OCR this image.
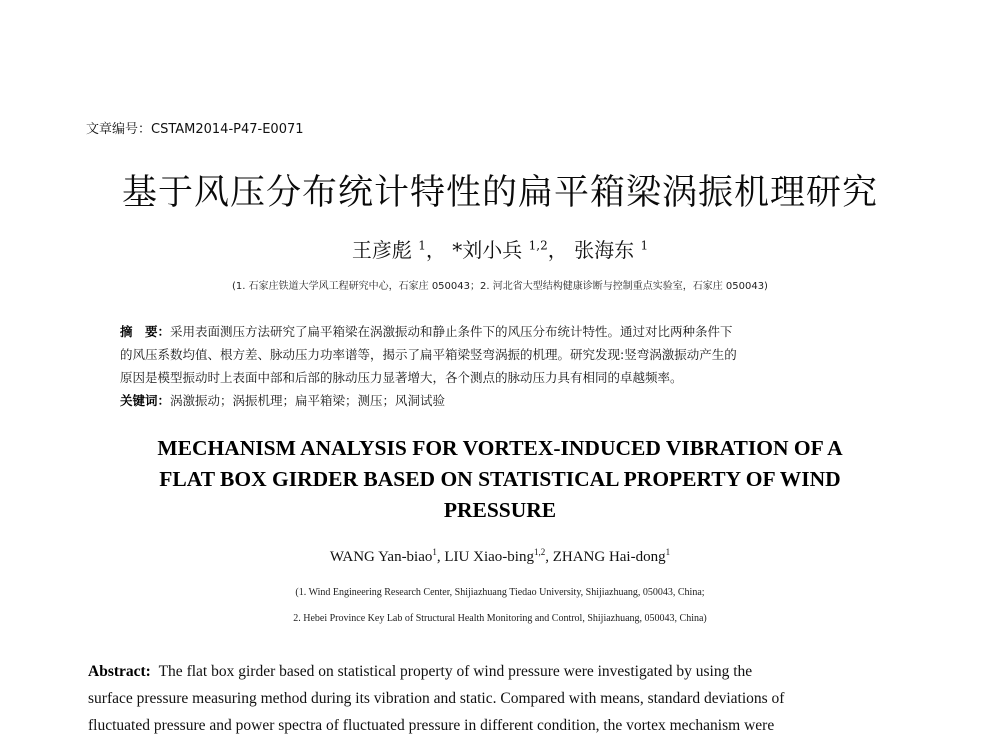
文章编号：CSTAM2014-P47-E0071
基于风压分布统计特性的扁平箱梁涡振机理研究
王彦彪 $^1$， *刘小兵 $^{1,2}$， 张海东 $^1$
(1. 石家庄铁道大学风工程研究中心，石家庄 050043；2. 河北省大型结构健康诊断与控制重点实验室，石家庄 050043)
摘　要：采用表面测压方法研究了扁平箱梁在涡激振动和静止条件下的风压分布统计特性。通过对比两种条件下
的风压系数均值、根方差、脉动压力功率谱等，揭示了扁平箱梁竖弯涡振的机理。研究发现:竖弯涡激振动产生的
原因是模型振动时上表面中部和后部的脉动压力显著增大，各个测点的脉动压力具有相同的卓越频率。
关键词：涡激振动；涡振机理；扁平箱梁；测压；风洞试验
MECHANISM ANALYSIS FOR VORTEX-INDUCED VIBRATION OF A
FLAT BOX GIRDER BASED ON STATISTICAL PROPERTY OF WIND
PRESSURE
WANG Yan-biao$^1$, LIU Xiao-bing$^{1,2}$, ZHANG Hai-dong$^1$
(1. Wind Engineering Research Center, Shijiazhuang Tiedao University, Shijiazhuang, 050043, China;
2. Hebei Province Key Lab of Structural Health Monitoring and Control, Shijiazhuang, 050043, China)
Abstract: The flat box girder based on statistical property of wind pressure were investigated by using the
surface pressure measuring method during its vibration and static. Compared with means, standard deviations of
fluctuated pressure and power spectra of fluctuated pressure in different condition, the vortex mechanism were
